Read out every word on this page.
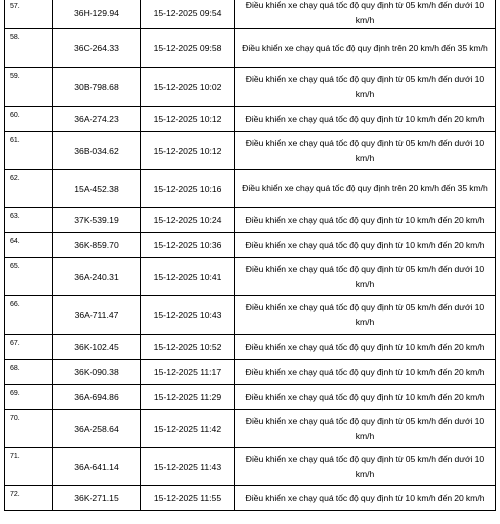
57.	36H-129.94	15-12-2025 09:54	Điều khiển xe chạy quá tốc độ quy định từ 05 km/h đến dưới 10 km/h
58.	36C-264.33	15-12-2025 09:58	Điều khiển xe chạy quá tốc độ quy định trên 20 km/h đến 35 km/h
59.	30B-798.68	15-12-2025 10:02	Điều khiển xe chạy quá tốc độ quy định từ 05 km/h đến dưới 10 km/h
60.	36A-274.23	15-12-2025 10:12	Điều khiển xe chạy quá tốc độ quy định từ 10 km/h đến 20 km/h
61.	36B-034.62	15-12-2025 10:12	Điều khiển xe chạy quá tốc độ quy định từ 05 km/h đến dưới 10 km/h
62.	15A-452.38	15-12-2025 10:16	Điều khiển xe chạy quá tốc độ quy định trên 20 km/h đến 35 km/h
63.	37K-539.19	15-12-2025 10:24	Điều khiển xe chạy quá tốc độ quy định từ 10 km/h đến 20 km/h
64.	36K-859.70	15-12-2025 10:36	Điều khiển xe chạy quá tốc độ quy định từ 10 km/h đến 20 km/h
65.	36A-240.31	15-12-2025 10:41	Điều khiển xe chạy quá tốc độ quy định từ 05 km/h đến dưới 10 km/h
66.	36A-711.47	15-12-2025 10:43	Điều khiển xe chạy quá tốc độ quy định từ 05 km/h đến dưới 10 km/h
67.	36K-102.45	15-12-2025 10:52	Điều khiển xe chạy quá tốc độ quy định từ 10 km/h đến 20 km/h
68.	36K-090.38	15-12-2025 11:17	Điều khiển xe chạy quá tốc độ quy định từ 10 km/h đến 20 km/h
69.	36A-694.86	15-12-2025 11:29	Điều khiển xe chạy quá tốc độ quy định từ 10 km/h đến 20 km/h
70.	36A-258.64	15-12-2025 11:42	Điều khiển xe chạy quá tốc độ quy định từ 05 km/h đến dưới 10 km/h
71.	36A-641.14	15-12-2025 11:43	Điều khiển xe chạy quá tốc độ quy định từ 05 km/h đến dưới 10 km/h
72.	36K-271.15	15-12-2025 11:55	Điều khiển xe chạy quá tốc độ quy định từ 10 km/h đến 20 km/h
